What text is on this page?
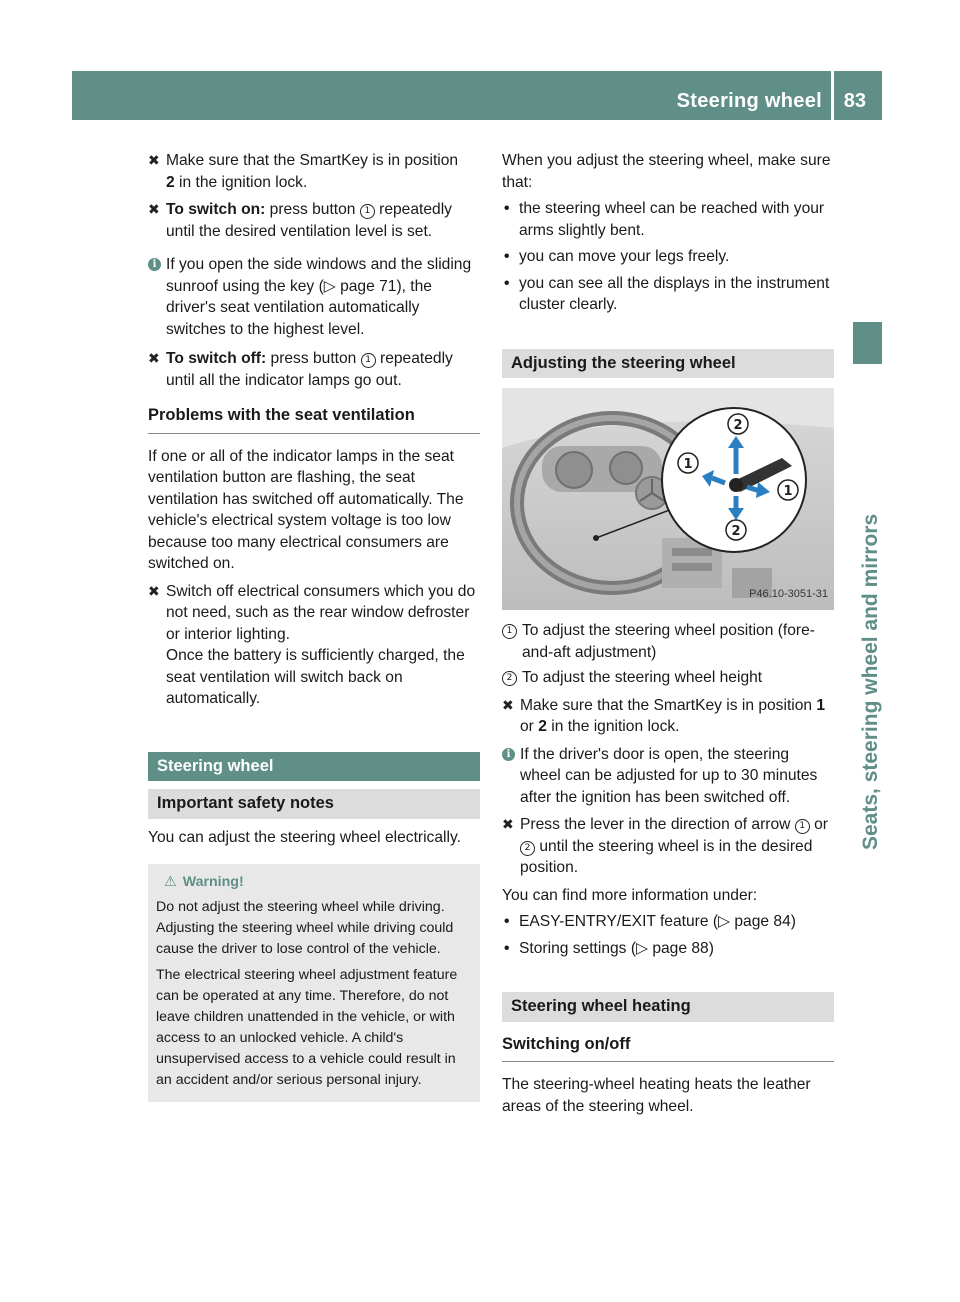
Steering wheel 83
Seats, steering wheel and mirrors
✖ Make sure that the SmartKey is in position
2 in the ignition lock.
✖ To switch on: press button 1 repeatedly until the desired ventilation level is set.
i If you open the side windows and the sliding sunroof using the key (▷ page 71), the driver's seat ventilation automatically switches to the highest level.
✖ To switch off: press button 1 repeatedly until all the indicator lamps go out.
Problems with the seat ventilation

If one or all of the indicator lamps in the seat ventilation button are flashing, the seat ventilation has switched off automatically. The vehicle's electrical system voltage is too low because too many electrical consumers are switched on.

✖ Switch off electrical consumers which you do not need, such as the rear window defroster or interior lighting.
Once the battery is sufficiently charged, the seat ventilation will switch back on automatically.
Steering wheel
Important safety notes

You can adjust the steering wheel electrically.

⚠ Warning!

Do not adjust the steering wheel while driving. Adjusting the steering wheel while driving could cause the driver to lose control of the vehicle.

The electrical steering wheel adjustment feature can be operated at any time. Therefore, do not leave children unattended in the vehicle, or with access to an unlocked vehicle. A child's unsupervised access to a vehicle could result in an accident and/or serious personal injury.

When you adjust the steering wheel, make sure that:

• the steering wheel can be reached with your arms slightly bent.
• you can move your legs freely.
• you can see all the displays in the instrument cluster clearly.
Adjusting the steering wheel
2
1
1
2
P46.10-3051-31
1 To adjust the steering wheel position (fore-and-aft adjustment)
2 To adjust the steering wheel height
✖ Make sure that the SmartKey is in position 1 or 2 in the ignition lock.
i If the driver's door is open, the steering wheel can be adjusted for up to 30 minutes after the ignition has been switched off.
✖ Press the lever in the direction of arrow 1 or 2 until the steering wheel is in the desired position.

You can find more information under:

• EASY-ENTRY/EXIT feature (▷ page 84)
• Storing settings (▷ page 88)
Steering wheel heating
Switching on/off

The steering-wheel heating heats the leather areas of the steering wheel.
